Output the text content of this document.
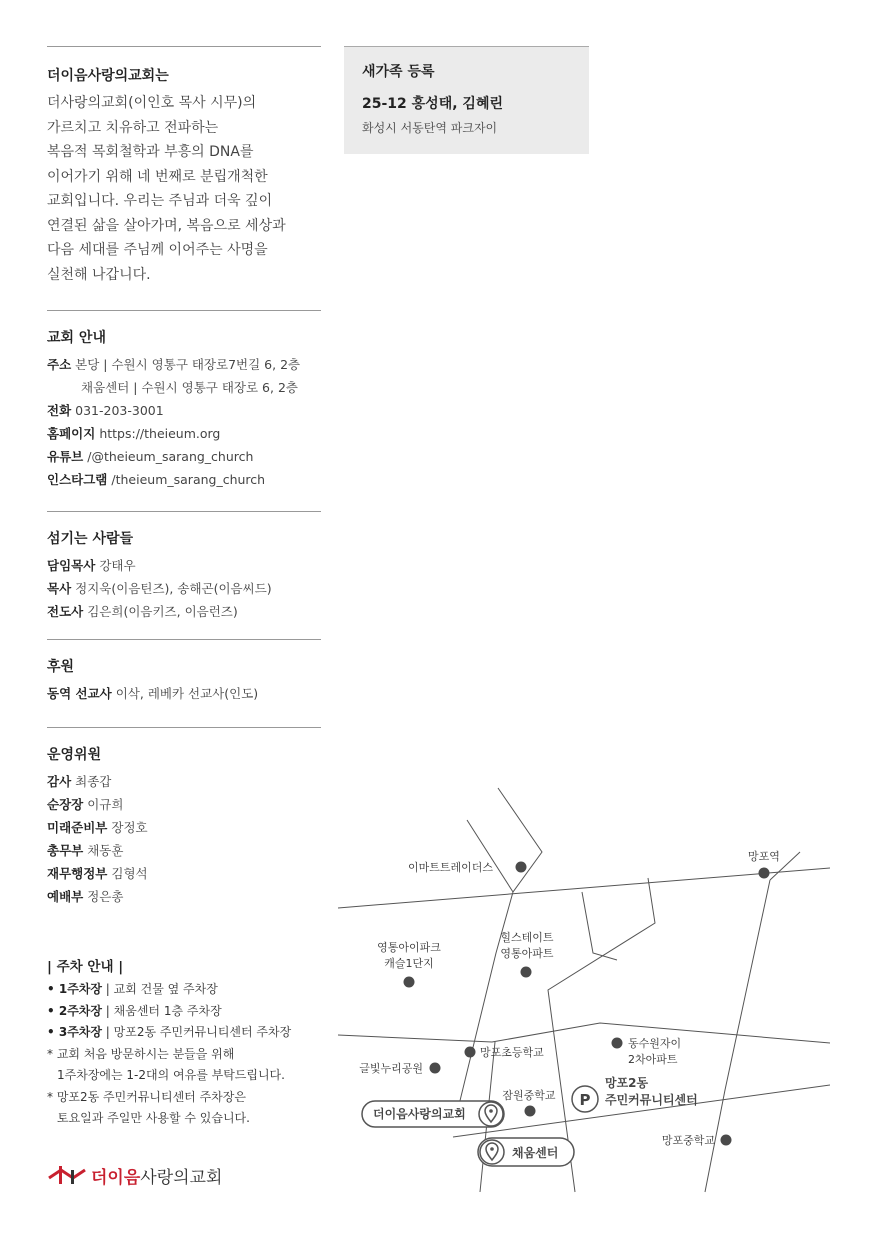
더이음사랑의교회는
더사랑의교회(이인호 목사 시무)의
가르치고 치유하고 전파하는
복음적 목회철학과 부흥의 DNA를
이어가기 위해 네 번째로 분립개척한
교회입니다. 우리는 주님과 더욱 깊이
연결된 삶을 살아가며, 복음으로 세상과
다음 세대를 주님께 이어주는 사명을
실천해 나갑니다.
새가족 등록
25-12 홍성태, 김혜린
화성시 서동탄역 파크자이
교회 안내
주소 본당 | 수원시 영통구 태장로7번길 6, 2층
채움센터 | 수원시 영통구 태장로 6, 2층
전화 031-203-3001
홈페이지 https://theieum.org
유튜브 /@theieum_sarang_church
인스타그램 /theieum_sarang_church
섬기는 사람들
담임목사 강태우
목사 정지욱(이음틴즈), 송해곤(이음씨드)
전도사 김은희(이음키즈, 이음런즈)
후원
동역 선교사 이삭, 레베카 선교사(인도)
운영위원
감사 최종갑
순장장 이규희
미래준비부 장정호
총무부 채동훈
재무행정부 김형석
예배부 정은총
| 주차 안내 |
• 1주차장 | 교회 건물 옆 주차장
• 2주차장 | 채움센터 1층 주차장
• 3주차장 | 망포2동 주민커뮤니티센터 주차장
* 교회 처음 방문하시는 분들을 위해
1주차장에는 1-2대의 여유를 부탁드립니다.
* 망포2동 주민커뮤니티센터 주차장은
토요일과 주일만 사용할 수 있습니다.
더이음사랑의교회
이마트트레이더스
망포역
영통아이파크
캐슬1단지
힐스테이트
영통아파트
망포초등학교
동수원자이
2차아파트
글빛누리공원
잠원중학교
망포중학교
P
망포2동
주민커뮤니티센터
더이음사랑의교회
채움센터
